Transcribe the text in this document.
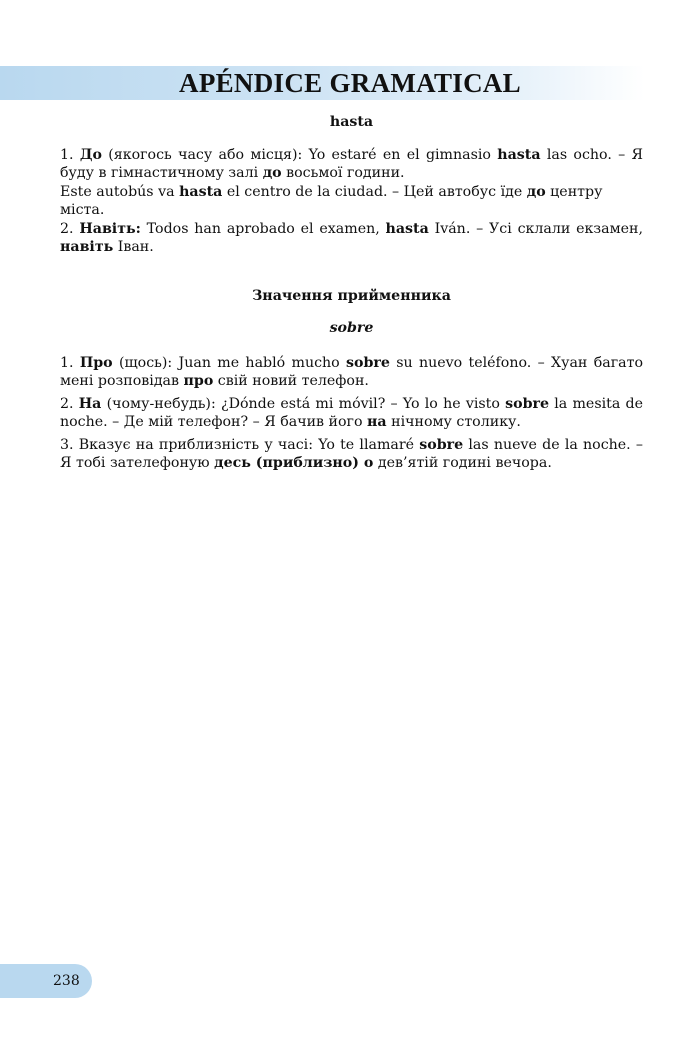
APÉNDICE GRAMATICAL
hasta

1. До (якогось часу або місця): Yo estaré en el gimnasio hasta las ocho. – Я буду в гімнастичному залі до восьмої години.

Este autobús va hasta el centro de la ciudad. – Цей автобус їде до центру міста.

2. Навіть: Todos han aprobado el examen, hasta Iván. – Усі склали екзамен, навіть Іван.

Значення прийменника
sobre

1. Про (щось): Juan me habló mucho sobre su nuevo teléfono. – Хуан багато мені розповідав про свій новий телефон.

2. На (чому-небудь): ¿Dónde está mi móvil? – Yo lo he visto sobre la mesita de noche. – Де мій телефон? – Я бачив його на нічному столику.

3. Вказує на приблизність у часі: Yo te llamaré sobre las nueve de la noche. – Я тобі зателефоную десь (приблизно) о дев’ятій годині вечора.

238
